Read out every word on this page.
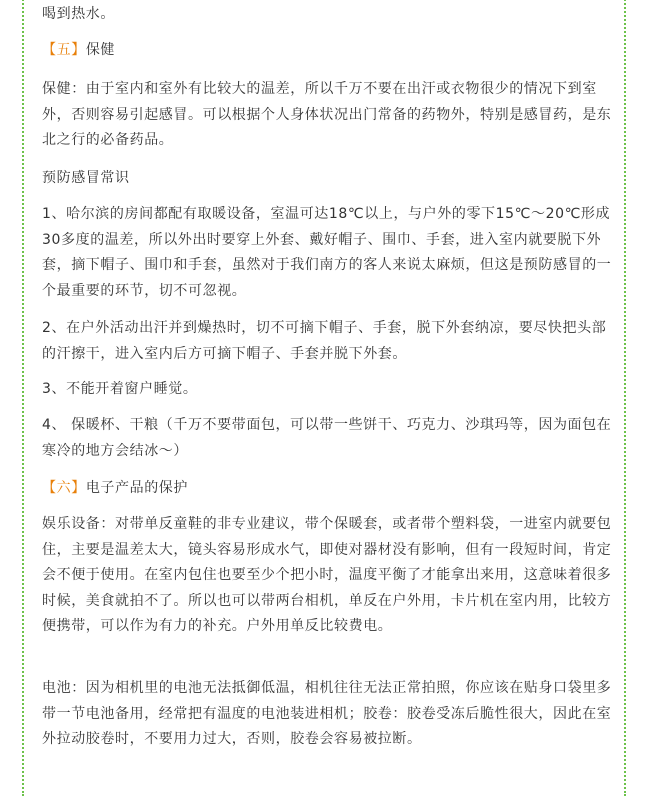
喝到热水。

【五】保健

保健：由于室内和室外有比较大的温差，所以千万不要在出汗或衣物很少的情况下到室外，否则容易引起感冒。可以根据个人身体状况出门常备的药物外，特别是感冒药，是东北之行的必备药品。

预防感冒常识

1、哈尔滨的房间都配有取暖设备，室温可达18℃以上，与户外的零下15℃～20℃形成30多度的温差，所以外出时要穿上外套、戴好帽子、围巾、手套，进入室内就要脱下外套，摘下帽子、围巾和手套，虽然对于我们南方的客人来说太麻烦，但这是预防感冒的一个最重要的环节，切不可忽视。

2、在户外活动出汗并到燥热时，切不可摘下帽子、手套，脱下外套纳凉，要尽快把头部的汗擦干，进入室内后方可摘下帽子、手套并脱下外套。

3、不能开着窗户睡觉。

4、 保暖杯、干粮（千万不要带面包，可以带一些饼干、巧克力、沙琪玛等，因为面包在寒冷的地方会结冰～）

【六】电子产品的保护

娱乐设备：对带单反童鞋的非专业建议，带个保暖套，或者带个塑料袋，一进室内就要包住，主要是温差太大，镜头容易形成水气，即使对器材没有影响，但有一段短时间，肯定会不便于使用。在室内包住也要至少个把小时，温度平衡了才能拿出来用，这意味着很多时候，美食就拍不了。所以也可以带两台相机，单反在户外用，卡片机在室内用，比较方便携带，可以作为有力的补充。户外用单反比较费电。

电池：因为相机里的电池无法抵御低温，相机往往无法正常拍照，你应该在贴身口袋里多带一节电池备用，经常把有温度的电池装进相机；胶卷：胶卷受冻后脆性很大，因此在室外拉动胶卷时，不要用力过大，否则，胶卷会容易被拉断。
